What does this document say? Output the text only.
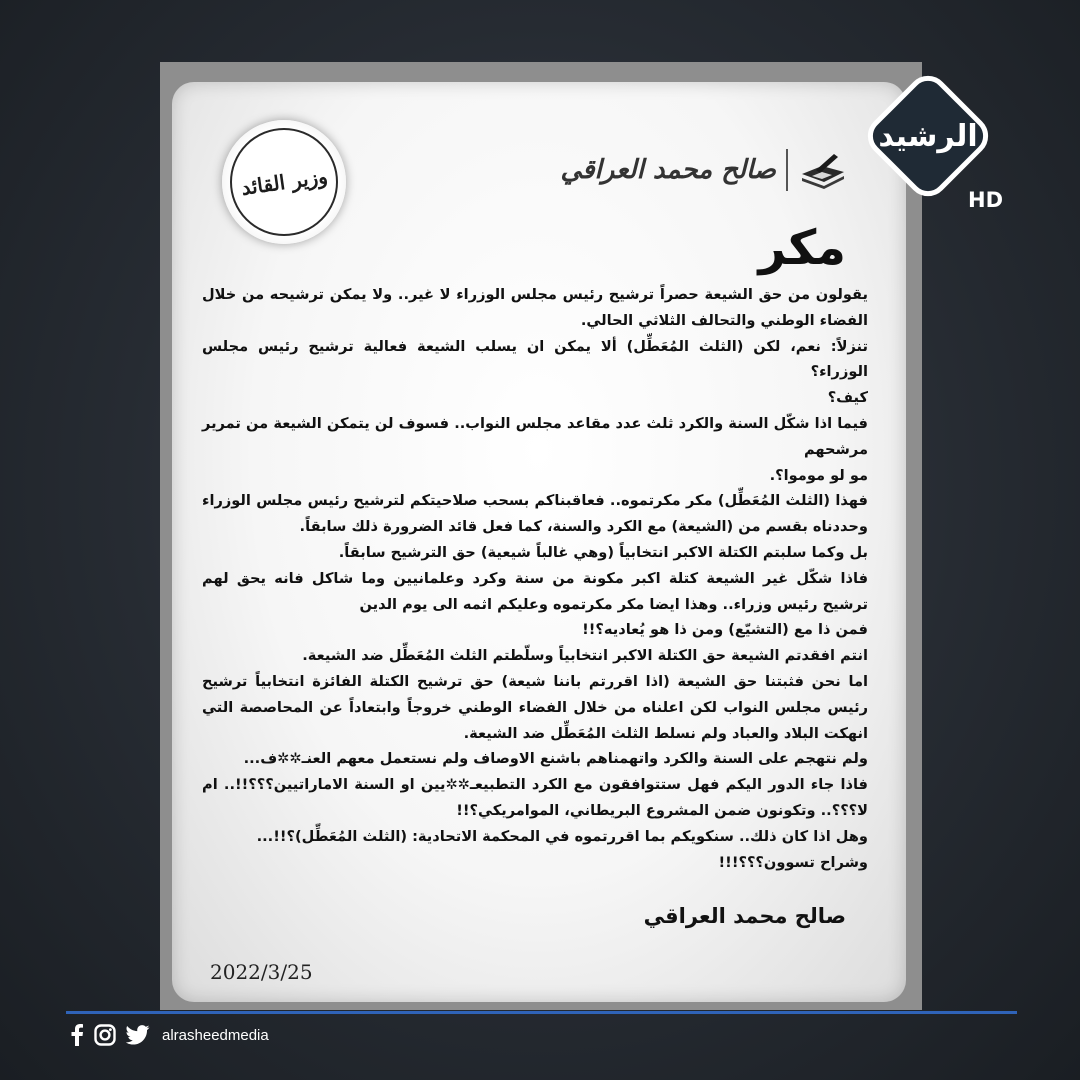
وزير القائد	صالح محمد العراقي
مكر

يقولون من حق الشيعة حصراً ترشيح رئيس مجلس الوزراء لا غير.. ولا يمكن ترشيحه من خلال الفضاء الوطني والتحالف الثلاثي الحالي.

تنزلاً: نعم، لكن (الثلث المُعَطِّل) ألا يمكن ان يسلب الشيعة فعالية ترشيح رئيس مجلس الوزراء؟

كيف؟

فيما اذا شكّل السنة والكرد ثلث عدد مقاعد مجلس النواب.. فسوف لن يتمكن الشيعة من تمرير مرشحهم

مو لو موموا؟.

فهذا (الثلث المُعَطِّل) مكر مكرتموه.. فعاقبناكم بسحب صلاحيتكم لترشيح رئيس مجلس الوزراء وحددناه بقسم من (الشيعة) مع الكرد والسنة، كما فعل قائد الضرورة ذلك سابقاً.

بل وكما سلبتم الكتلة الاكبر انتخابياً (وهي غالباً شيعية) حق الترشيح سابقاً.

فاذا شكّل غير الشيعة كتلة اكبر مكونة من سنة وكرد وعلمانيين وما شاكل فانه يحق لهم ترشيح رئيس وزراء.. وهذا ايضا مكر مكرتموه وعليكم اثمه الى يوم الدين

فمن ذا مع (التشيّع) ومن ذا هو يُعاديه؟!!

انتم افقدتم الشيعة حق الكتلة الاكبر انتخابياً وسلّطتم الثلث المُعَطِّل ضد الشيعة.

اما نحن فثبتنا حق الشيعة (اذا اقررتم باننا شيعة) حق ترشيح الكتلة الفائزة انتخابياً ترشيح رئيس مجلس النواب لكن اعلناه من خلال الفضاء الوطني خروجاً وابتعاداً عن المحاصصة التي انهكت البلاد والعباد ولم نسلط الثلث المُعَطِّل ضد الشيعة.

ولم نتهجم على السنة والكرد واتهمناهم باشنع الاوصاف ولم نستعمل معهم العنـ✲✲ف...

فاذا جاء الدور اليكم فهل ستتوافقون مع الكرد التطبيعـ✲✲يين او السنة الاماراتيين؟؟؟!!.. ام لا؟؟؟.. وتكونون ضمن المشروع البريطاني، الموامريكي؟!!

وهل اذا كان ذلك.. سنكويكم بما اقررتموه في المحكمة الاتحادية: (الثلث المُعَطِّل)؟!!...

وشراح تسوون؟؟؟!!!

صالح محمد العراقي
2022/3/25
الرشيد
HD
alrasheedmedia
